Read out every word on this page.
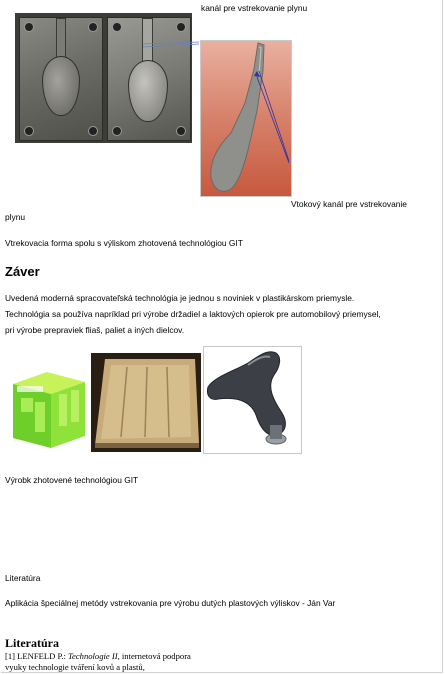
kanál pre vstrekovanie plynu
Vtokový kanál pre vstrekovanie
plynu
Vtrekovacia forma spolu s výliskom zhotovená technológiou GIT
Záver
Uvedená moderná spracovateľská technológia je jednou s noviniek v plastikárskom priemysle.
Technológia sa používa napríklad pri výrobe držadiel a laktových opierok pre automobilový priemysel,
pri výrobe prepraviek fliaš, paliet a iných dielcov.
Výrobk zhotovené technológiou GIT
Literatúra
Aplikácia špeciálnej metódy vstrekovania pre výrobu dutých plastových výliskov - Ján Var
Literatúra
[1] LENFELD P.: Technologie II, internetová podpora
vyuky technologie tváření kovů a plastů,
